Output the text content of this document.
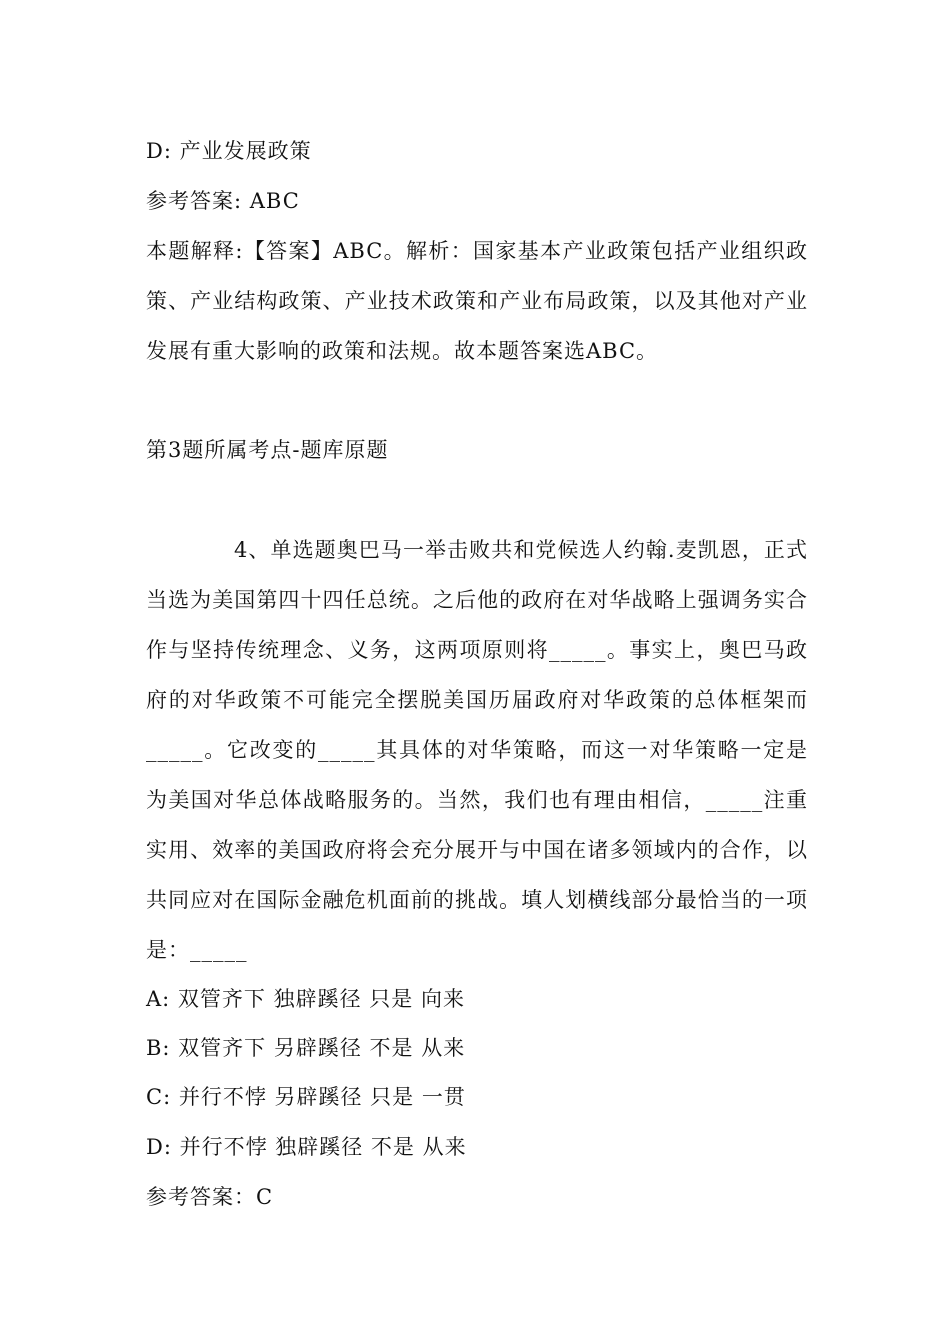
D: 产业发展政策
参考答案: ABC
本题解释:【答案】ABC。解析：国家基本产业政策包括产业组织政策、产业结构政策、产业技术政策和产业布局政策，以及其他对产业发展有重大影响的政策和法规。故本题答案选ABC。
第3题所属考点-题库原题
4、单选题奥巴马一举击败共和党候选人约翰.麦凯恩，正式当选为美国第四十四任总统。之后他的政府在对华战略上强调务实合作与坚持传统理念、义务，这两项原则将_____。事实上，奥巴马政府的对华政策不可能完全摆脱美国历届政府对华政策的总体框架而_____。它改变的_____其具体的对华策略，而这一对华策略一定是为美国对华总体战略服务的。当然，我们也有理由相信，_____注重实用、效率的美国政府将会充分展开与中国在诸多领域内的合作，以共同应对在国际金融危机面前的挑战。填人划横线部分最恰当的一项是：_____
A: 双管齐下 独辟蹊径 只是 向来
B: 双管齐下 另辟蹊径 不是 从来
C: 并行不悖 另辟蹊径 只是 一贯
D: 并行不悖 独辟蹊径 不是 从来
参考答案：C
